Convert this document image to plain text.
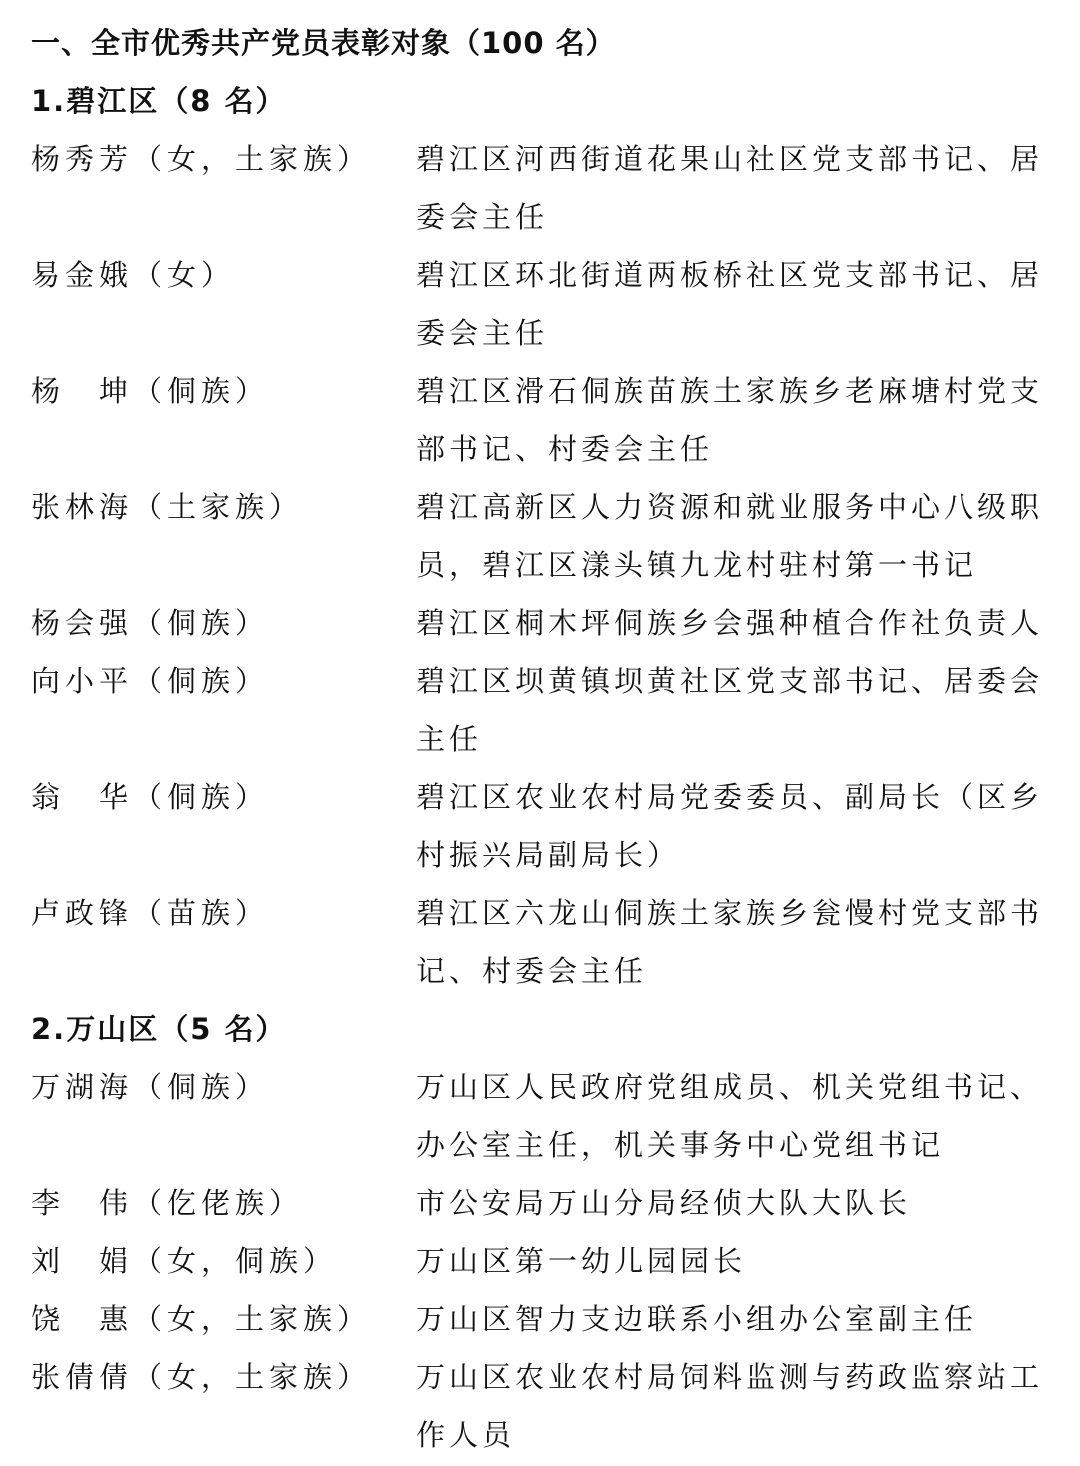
一、全市优秀共产党员表彰对象（100 名）
1.碧江区（8 名）
杨秀芳（女，土家族） 碧江区河西街道花果山社区党支部书记、居委会主任
易金娥（女）	碧江区环北街道两板桥社区党支部书记、居委会主任
杨　坤（侗族）	碧江区滑石侗族苗族土家族乡老麻塘村党支部书记、村委会主任
张林海（土家族）	碧江高新区人力资源和就业服务中心八级职员，碧江区漾头镇九龙村驻村第一书记
杨会强（侗族）	碧江区桐木坪侗族乡会强种植合作社负责人
向小平（侗族）	碧江区坝黄镇坝黄社区党支部书记、居委会主任
翁　华（侗族）	碧江区农业农村局党委委员、副局长（区乡村振兴局副局长）
卢政锋（苗族）	碧江区六龙山侗族土家族乡瓮慢村党支部书记、村委会主任
2.万山区（5 名）
万湖海（侗族）	万山区人民政府党组成员、机关党组书记、办公室主任，机关事务中心党组书记
李　伟（仡佬族）	市公安局万山分局经侦大队大队长
刘　娟（女，侗族）	万山区第一幼儿园园长
饶　惠（女，土家族） 万山区智力支边联系小组办公室副主任
张倩倩（女，土家族） 万山区农业农村局饲料监测与药政监察站工作人员
